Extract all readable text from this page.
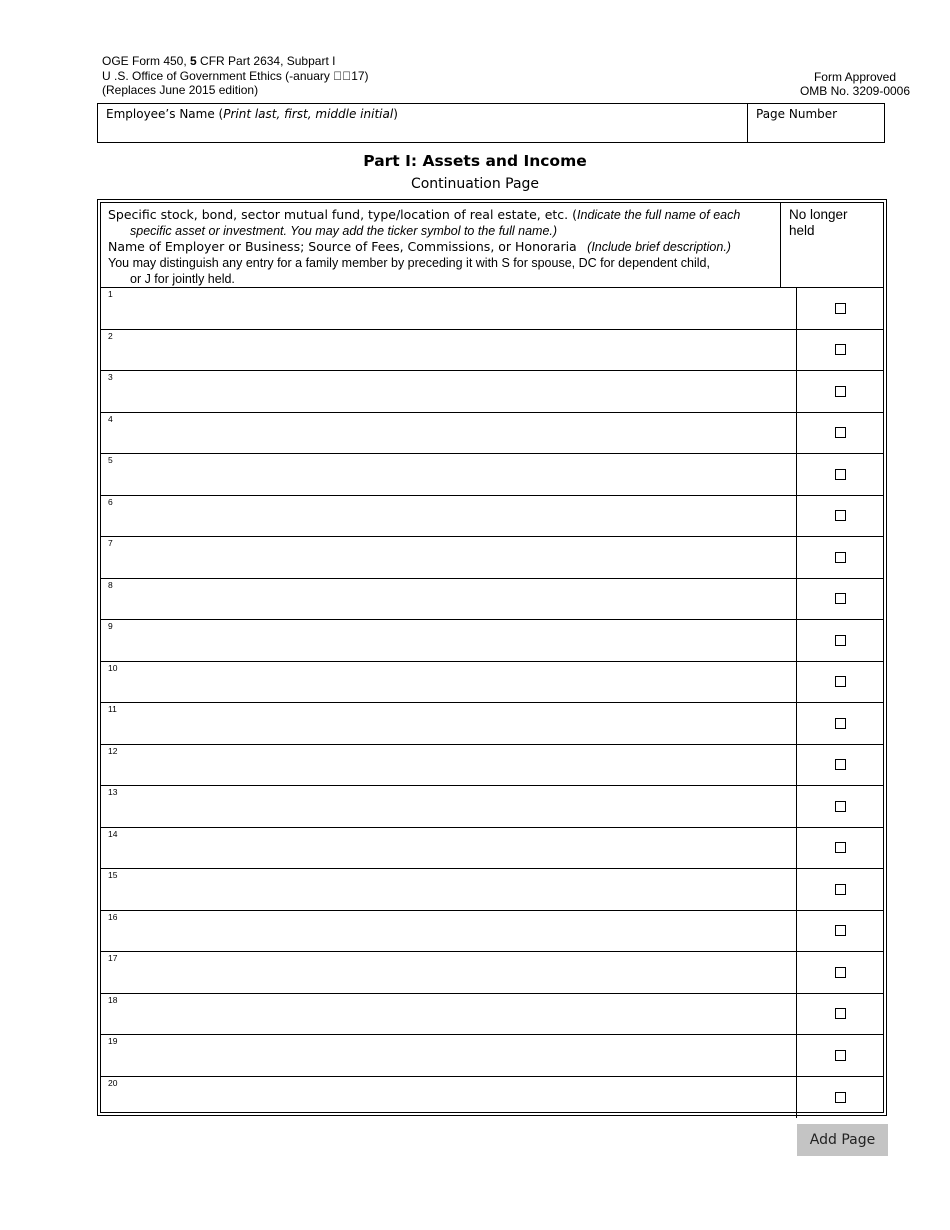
OGE Form 450, 5 CFR Part 2634, Subpart I
U .S. Office of Government Ethics (-anuary   17)
(Replaces June 2015 edition)
Form Approved
OMB No. 3209-0006
Employee’s Name (Print last, first, middle initial)	Page Number
Part I: Assets and Income
Continuation Page
Specific stock, bond, sector mutual fund, type/location of real estate, etc. (Indicate the full name of each
specific asset or investment. You may add the ticker symbol to the full name.)
Name of Employer or Business; Source of Fees, Commissions, or Honoraria (Include brief description.)
You may distinguish any entry for a family member by preceding it with S for spouse, DC for dependent child,
or J for jointly held.
No longer held
1
2
3
4
5
6
7
8
9
10
11
12
13
14
15
16
17
18
19
20
Add Page
